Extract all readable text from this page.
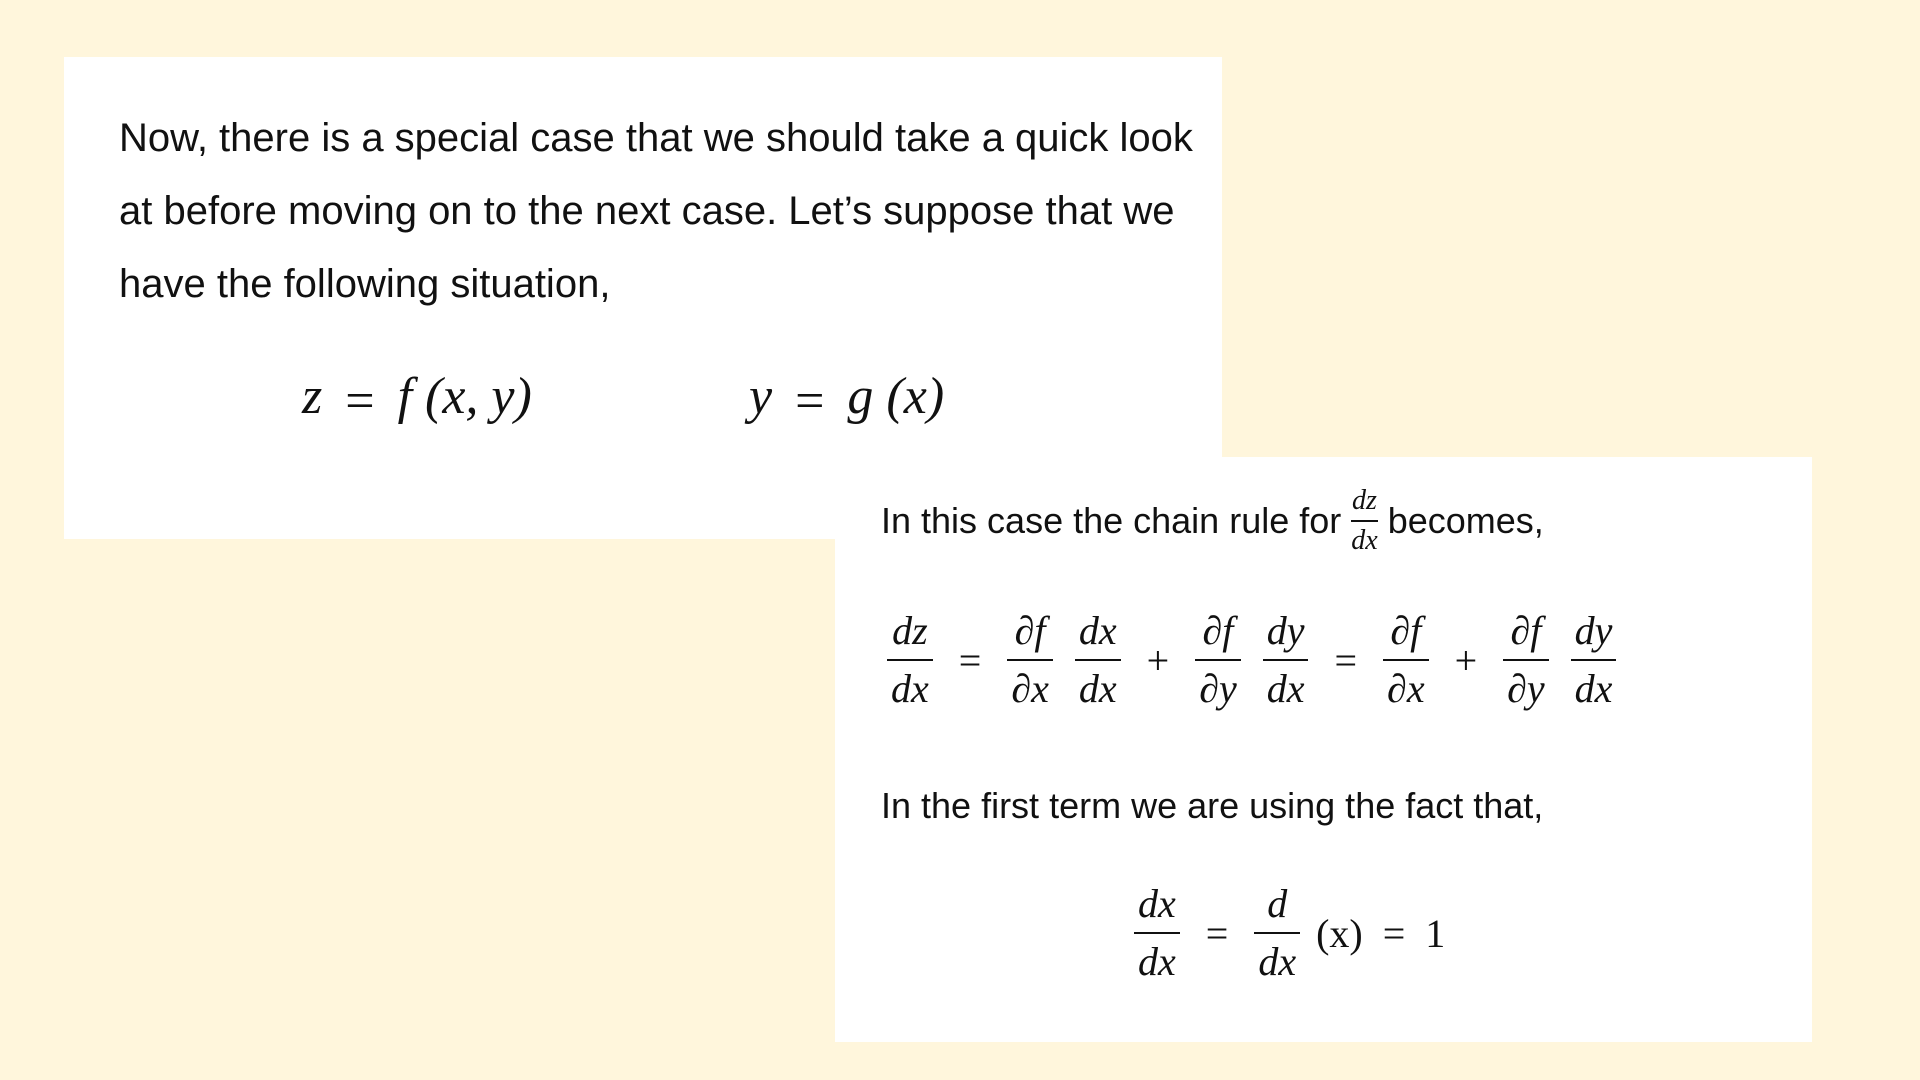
Now, there is a special case that we should take a quick look at before moving on to the next case. Let’s suppose that we have the following situation,

z = f (x, y)	y = g (x)
In this case the chain rule for $\frac{dz}{dx}$ becomes,
$\frac{dz}{dx} = \frac{\partial f}{\partial x}$
$\frac{dx}{dx} + \frac{\partial f}{\partial y}$
$\frac{dy}{dx} = \frac{\partial f}{\partial x} + \frac{\partial f}{\partial y}$
$\frac{dy}{dx}$
In the first term we are using the fact that,
$\frac{dx}{dx} = \frac{d}{dx} (x) = 1$
